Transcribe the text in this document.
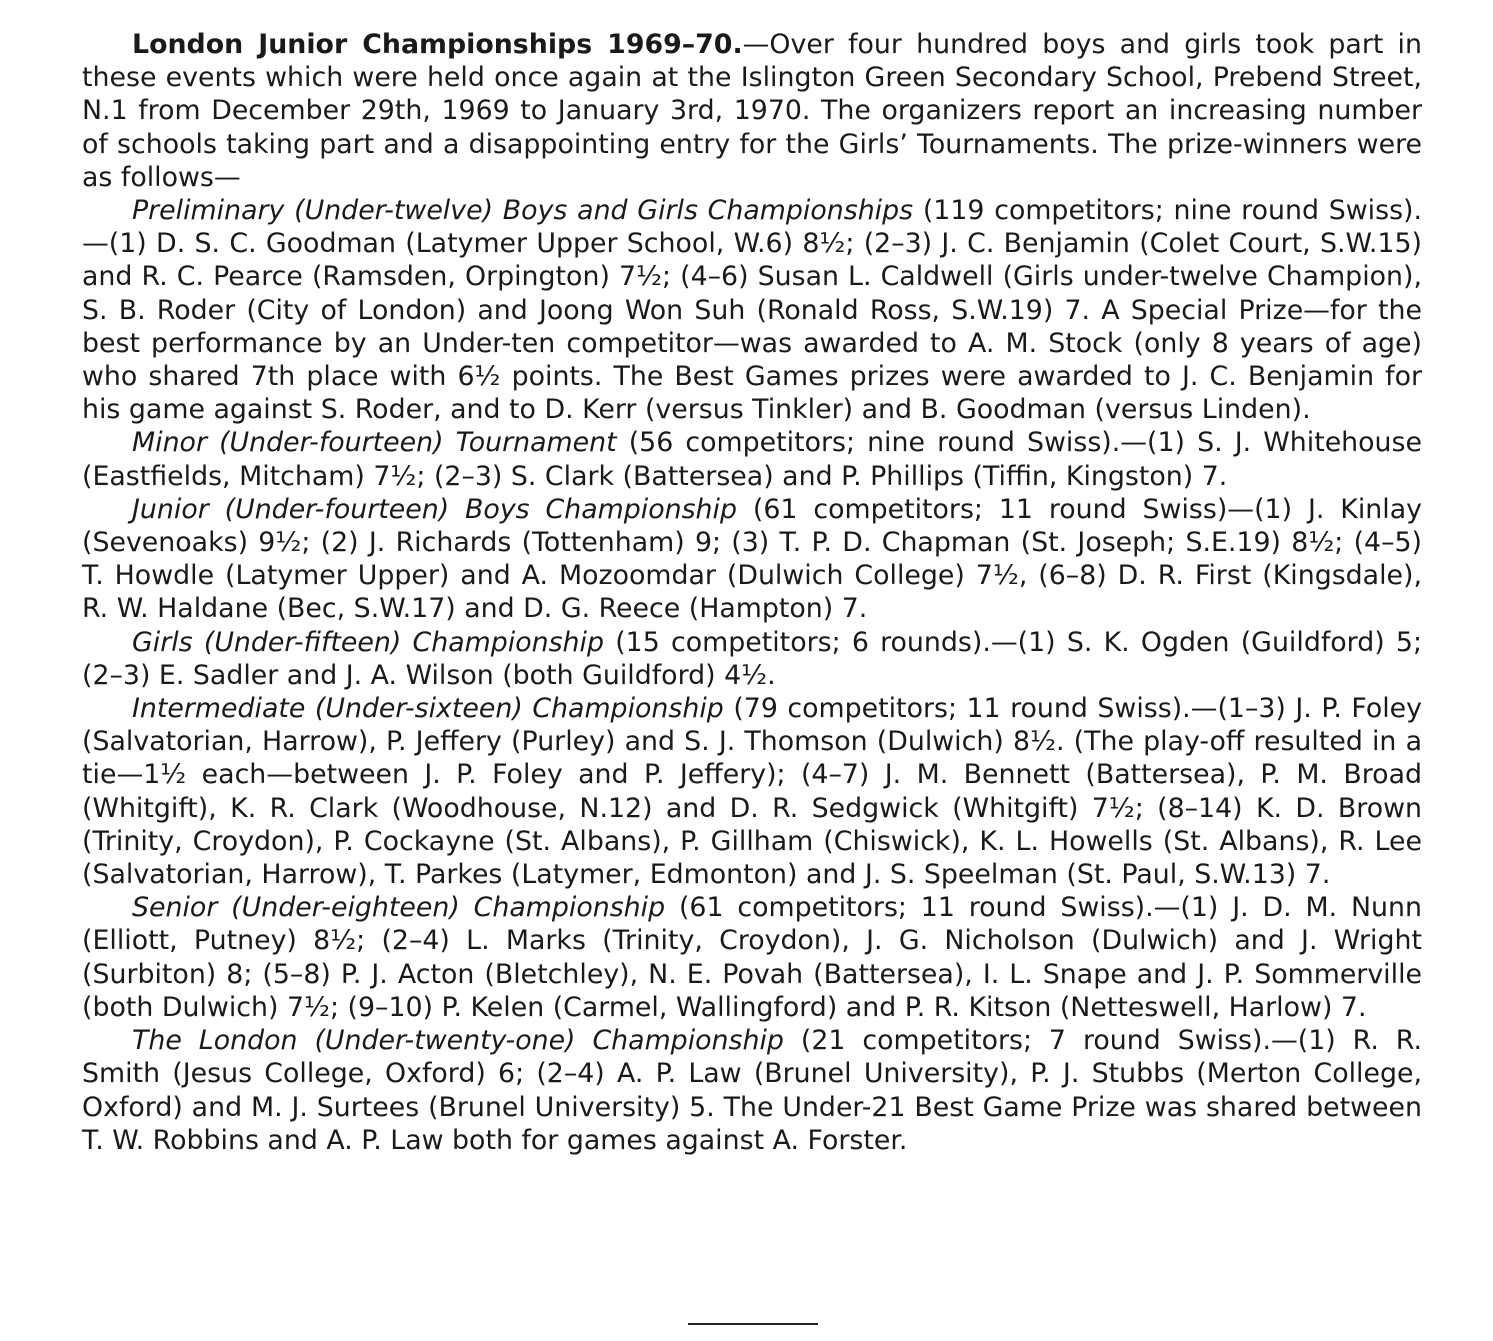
London Junior Championships 1969–70.—Over four hundred boys and girls took part in these events which were held once again at the Islington Green Secondary School, Prebend Street, N.1 from December 29th, 1969 to January 3rd, 1970. The organizers report an increasing number of schools taking part and a disappointing entry for the Girls’ Tournaments. The prize-winners were as follows—

Preliminary (Under-twelve) Boys and Girls Championships (119 competitors; nine round Swiss).—(1) D. S. C. Goodman (Latymer Upper School, W.6) 8½; (2–3) J. C. Benjamin (Colet Court, S.W.15) and R. C. Pearce (Ramsden, Orpington) 7½; (4–6) Susan L. Caldwell (Girls under-twelve Champion), S. B. Roder (City of London) and Joong Won Suh (Ronald Ross, S.W.19) 7. A Special Prize—for the best performance by an Under-ten competitor—was awarded to A. M. Stock (only 8 years of age) who shared 7th place with 6½ points. The Best Games prizes were awarded to J. C. Benjamin for his game against S. Roder, and to D. Kerr (versus Tinkler) and B. Goodman (versus Linden).

Minor (Under-fourteen) Tournament (56 competitors; nine round Swiss).—(1) S. J. Whitehouse (Eastfields, Mitcham) 7½; (2–3) S. Clark (Battersea) and P. Phillips (Tiffin, Kingston) 7.

Junior (Under-fourteen) Boys Championship (61 competitors; 11 round Swiss)—(1) J. Kinlay (Sevenoaks) 9½; (2) J. Richards (Tottenham) 9; (3) T. P. D. Chapman (St. Joseph; S.E.19) 8½; (4–5) T. Howdle (Latymer Upper) and A. Mozoomdar (Dulwich College) 7½, (6–8) D. R. First (Kingsdale), R. W. Haldane (Bec, S.W.17) and D. G. Reece (Hampton) 7.

Girls (Under-fifteen) Championship (15 competitors; 6 rounds).—(1) S. K. Ogden (Guildford) 5; (2–3) E. Sadler and J. A. Wilson (both Guildford) 4½.

Intermediate (Under-sixteen) Championship (79 competitors; 11 round Swiss).—(1–3) J. P. Foley (Salvatorian, Harrow), P. Jeffery (Purley) and S. J. Thomson (Dulwich) 8½. (The play-off resulted in a tie—1½ each—between J. P. Foley and P. Jeffery); (4–7) J. M. Bennett (Battersea), P. M. Broad (Whitgift), K. R. Clark (Woodhouse, N.12) and D. R. Sedgwick (Whitgift) 7½; (8–14) K. D. Brown (Trinity, Croydon), P. Cockayne (St. Albans), P. Gillham (Chiswick), K. L. Howells (St. Albans), R. Lee (Salvatorian, Harrow), T. Parkes (Latymer, Edmonton) and J. S. Speelman (St. Paul, S.W.13) 7.

Senior (Under-eighteen) Championship (61 competitors; 11 round Swiss).—(1) J. D. M. Nunn (Elliott, Putney) 8½; (2–4) L. Marks (Trinity, Croydon), J. G. Nicholson (Dulwich) and J. Wright (Surbiton) 8; (5–8) P. J. Acton (Bletchley), N. E. Povah (Battersea), I. L. Snape and J. P. Sommerville (both Dulwich) 7½; (9–10) P. Kelen (Carmel, Wallingford) and P. R. Kitson (Netteswell, Harlow) 7.

The London (Under-twenty-one) Championship (21 competitors; 7 round Swiss).—(1) R. R. Smith (Jesus College, Oxford) 6; (2–4) A. P. Law (Brunel University), P. J. Stubbs (Merton College, Oxford) and M. J. Surtees (Brunel University) 5. The Under-21 Best Game Prize was shared between T. W. Robbins and A. P. Law both for games against A. Forster.
